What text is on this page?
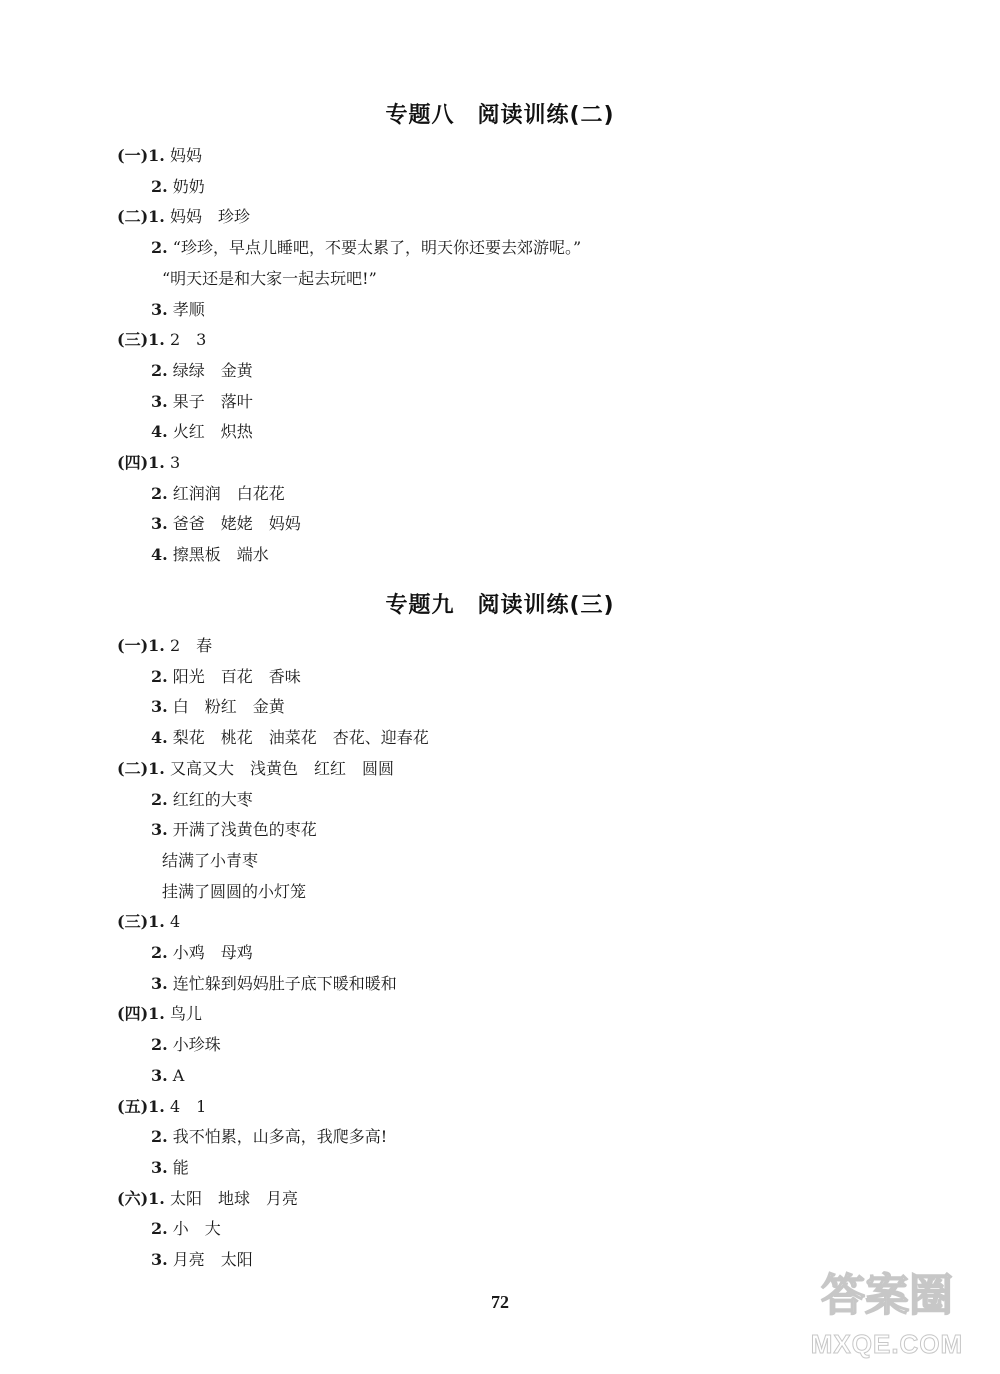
专题八　阅读训练(二)
(一)1. 妈妈
2. 奶奶
(二)1. 妈妈　珍珍
2. “珍珍，早点儿睡吧，不要太累了，明天你还要去郊游呢。”
“明天还是和大家一起去玩吧!”
3. 孝顺
(三)1. 2　3
2. 绿绿　金黄
3. 果子　落叶
4. 火红　炽热
(四)1. 3
2. 红润润　白花花
3. 爸爸　姥姥　妈妈
4. 擦黑板　端水
专题九　阅读训练(三)
(一)1. 2　春
2. 阳光　百花　香味
3. 白　粉红　金黄
4. 梨花　桃花　油菜花　杏花、迎春花
(二)1. 又高又大　浅黄色　红红　圆圆
2. 红红的大枣
3. 开满了浅黄色的枣花
结满了小青枣
挂满了圆圆的小灯笼
(三)1. 4
2. 小鸡　母鸡
3. 连忙躲到妈妈肚子底下暖和暖和
(四)1. 鸟儿
2. 小珍珠
3. A
(五)1. 4　1
2. 我不怕累，山多高，我爬多高!
3. 能
(六)1. 太阳　地球　月亮
2. 小　大
3. 月亮　太阳
72	答案圈
MXQE.COM
